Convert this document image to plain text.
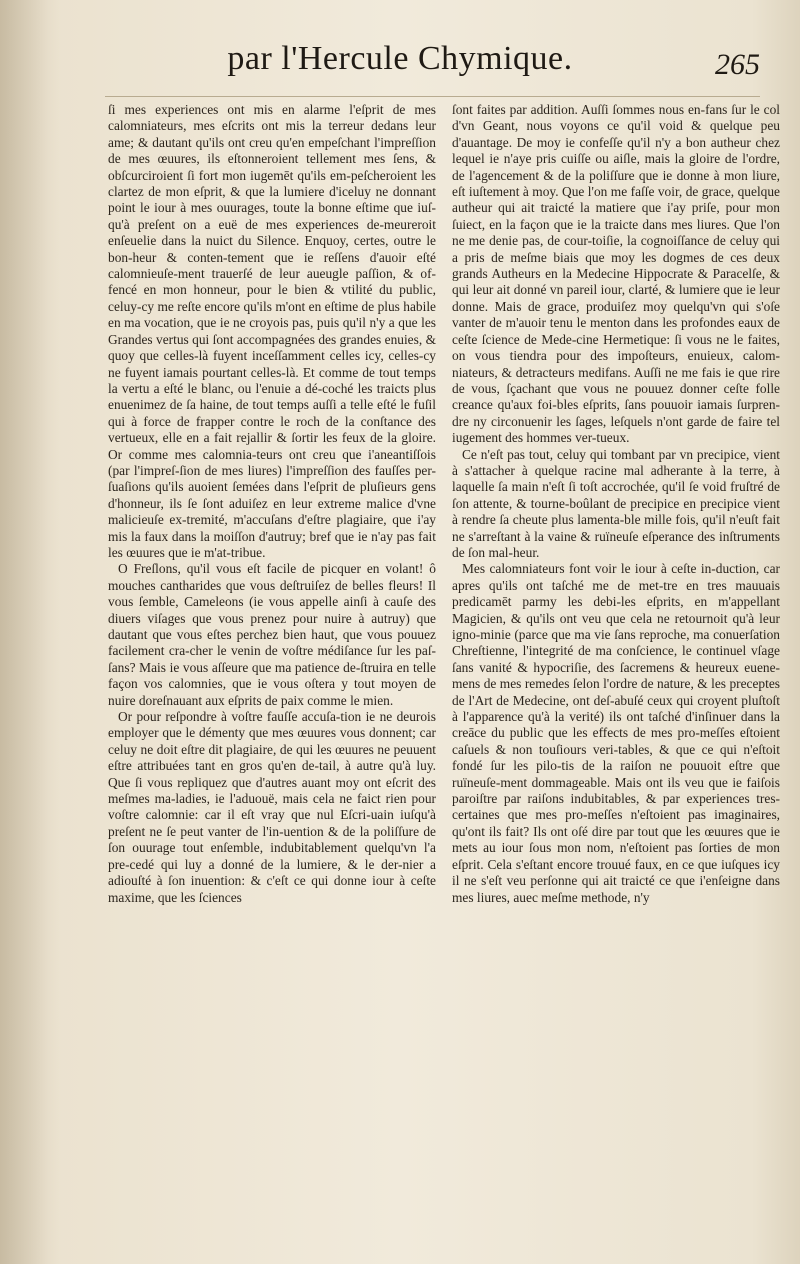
par l'Hercule Chymique.	265

ſi mes experiences ont mis en alarme l'eſprit de mes calomniateurs, mes eſcrits ont mis la terreur dedans leur ame; & dautant qu'ils ont creu qu'en empeſchant l'impreſſion de mes œuures, ils eſtonneroient tellement mes ſens, & obſcurciroient ſi fort mon iugemēt qu'ils em-peſcheroient les clartez de mon eſprit, & que la lumiere d'iceluy ne donnant point le iour à mes ouurages, toute la bonne eſtime que iuſ-qu'à preſent on a euë de mes experiences de-meureroit enſeuelie dans la nuict du Silence. Enquoy, certes, outre le bon-heur & conten-tement que ie reſſens d'auoir eſté calomnieuſe-ment trauerſé de leur aueugle paſſion, & of-fencé en mon honneur, pour le bien & vtilité du public, celuy-cy me reſte encore qu'ils m'ont en eſtime de plus habile en ma vocation, que ie ne croyois pas, puis qu'il n'y a que les Grandes vertus qui ſont accompagnées des grandes enuies, & quoy que celles-là fuyent inceſſamment celles icy, celles-cy ne fuyent iamais pourtant celles-là. Et comme de tout temps la vertu a eſté le blanc, ou l'enuie a dé-coché les traicts plus enuenimez de ſa haine, de tout temps auſſi a telle eſté le fuſil qui à force de frapper contre le roch de la conſtance des vertueux, elle en a fait rejallir & ſortir les feux de la gloire. Or comme mes calomnia-teurs ont creu que i'aneantiſſois (par l'impreſ-ſion de mes liures) l'impreſſion des fauſſes per-ſuaſions qu'ils auoient ſemées dans l'eſprit de pluſieurs gens d'honneur, ils ſe ſont aduiſez en leur extreme malice d'vne malicieuſe ex-tremité, m'accuſans d'eſtre plagiaire, que i'ay mis la faux dans la moiſſon d'autruy; bref que ie n'ay pas fait les œuures que ie m'at-tribue.

O Freſlons, qu'il vous eſt facile de picquer en volant! ô mouches cantharides que vous deſtruiſez de belles fleurs! Il vous ſemble, Cameleons (ie vous appelle ainſi à cauſe des diuers viſages que vous prenez pour nuire à autruy) que dautant que vous eſtes perchez bien haut, que vous pouuez facilement cra-cher le venin de voſtre médiſance ſur les paſ-ſans? Mais ie vous aſſeure que ma patience de-ſtruira en telle façon vos calomnies, que ie vous oſtera y tout moyen de nuire doreſnauant aux eſprits de paix comme le mien.

Or pour reſpondre à voſtre fauſſe accuſa-tion ie ne deurois employer que le démenty que mes œuures vous donnent; car celuy ne doit eſtre dit plagiaire, de qui les œuures ne peuuent eſtre attribuées tant en gros qu'en de-tail, à autre qu'à luy. Que ſi vous repliquez que d'autres auant moy ont eſcrit des meſmes ma-ladies, ie l'aduouë, mais cela ne faict rien pour voſtre calomnie: car il eſt vray que nul Eſcri-uain iuſqu'à preſent ne ſe peut vanter de l'in-uention & de la poliſſure de ſon ouurage tout enſemble, indubitablement quelqu'vn l'a pre-cedé qui luy a donné de la lumiere, & le der-nier a adiouſté à ſon inuention: & c'eſt ce qui donne iour à ceſte maxime, que les ſciences

ſont faites par addition. Auſſi ſommes nous en-fans ſur le col d'vn Geant, nous voyons ce qu'il void & quelque peu d'auantage. De moy ie confeſſe qu'il n'y a bon autheur chez lequel ie n'aye pris cuiſſe ou aiſle, mais la gloire de l'ordre, de l'agencement & de la poliſſure que ie donne à mon liure, eſt iuſtement à moy. Que l'on me faſſe voir, de grace, quelque autheur qui ait traicté la matiere que i'ay priſe, pour mon ſuiect, en la façon que ie la traicte dans mes liures. Que l'on ne me denie pas, de cour-toiſie, la cognoiſſance de celuy qui a pris de meſme biais que moy les dogmes de ces deux grands Autheurs en la Medecine Hippocrate & Paracelſe, & qui leur ait donné vn pareil iour, clarté, & lumiere que ie leur donne. Mais de grace, produiſez moy quelqu'vn qui s'oſe vanter de m'auoir tenu le menton dans les profondes eaux de ceſte ſcience de Mede-cine Hermetique: ſi vous ne le faites, on vous tiendra pour des impoſteurs, enuieux, calom-niateurs, & detracteurs medifans. Auſſi ne me fais ie que rire de vous, ſçachant que vous ne pouuez donner ceſte folle creance qu'aux foi-bles eſprits, ſans pouuoir iamais ſurpren-dre ny circonuenir les ſages, leſquels n'ont garde de faire tel iugement des hommes ver-tueux.

Ce n'eſt pas tout, celuy qui tombant par vn precipice, vient à s'attacher à quelque racine mal adherante à la terre, à laquelle ſa main n'eſt ſi toſt accrochée, qu'il ſe void fruſtré de ſon attente, & tourne-boûlant de precipice en precipice vient à rendre ſa cheute plus lamenta-ble mille fois, qu'il n'euſt fait ne s'arreſtant à la vaine & ruïneuſe eſperance des inſtruments de ſon mal-heur.

Mes calomniateurs font voir le iour à ceſte in-duction, car apres qu'ils ont taſché me de met-tre en tres mauuais predicamēt parmy les debi-les eſprits, en m'appellant Magicien, & qu'ils ont veu que cela ne retournoit qu'à leur igno-minie (parce que ma vie ſans reproche, ma conuerſation Chreſtienne, l'integrité de ma conſcience, le continuel vſage ſans vanité & hypocriſie, des ſacremens & heureux euene-mens de mes remedes ſelon l'ordre de nature, & les preceptes de l'Art de Medecine, ont deſ-abuſé ceux qui croyent pluſtoſt à l'apparence qu'à la verité) ils ont taſché d'inſinuer dans la creāce du public que les effects de mes pro-meſſes eſtoient caſuels & non touſiours veri-tables, & que ce qui n'eſtoit fondé ſur les pilo-tis de la raiſon ne pouuoit eſtre que ruïneuſe-ment dommageable. Mais ont ils veu que ie faiſois paroiſtre par raiſons indubitables, & par experiences tres-certaines que mes pro-meſſes n'eſtoient pas imaginaires, qu'ont ils fait? Ils ont oſé dire par tout que les œuures que ie mets au iour ſous mon nom, n'eſtoient pas ſorties de mon eſprit. Cela s'eſtant encore trouué faux, en ce que iuſques icy il ne s'eſt veu perſonne qui ait traicté ce que i'enſeigne dans mes liures, auec meſme methode, n'y
